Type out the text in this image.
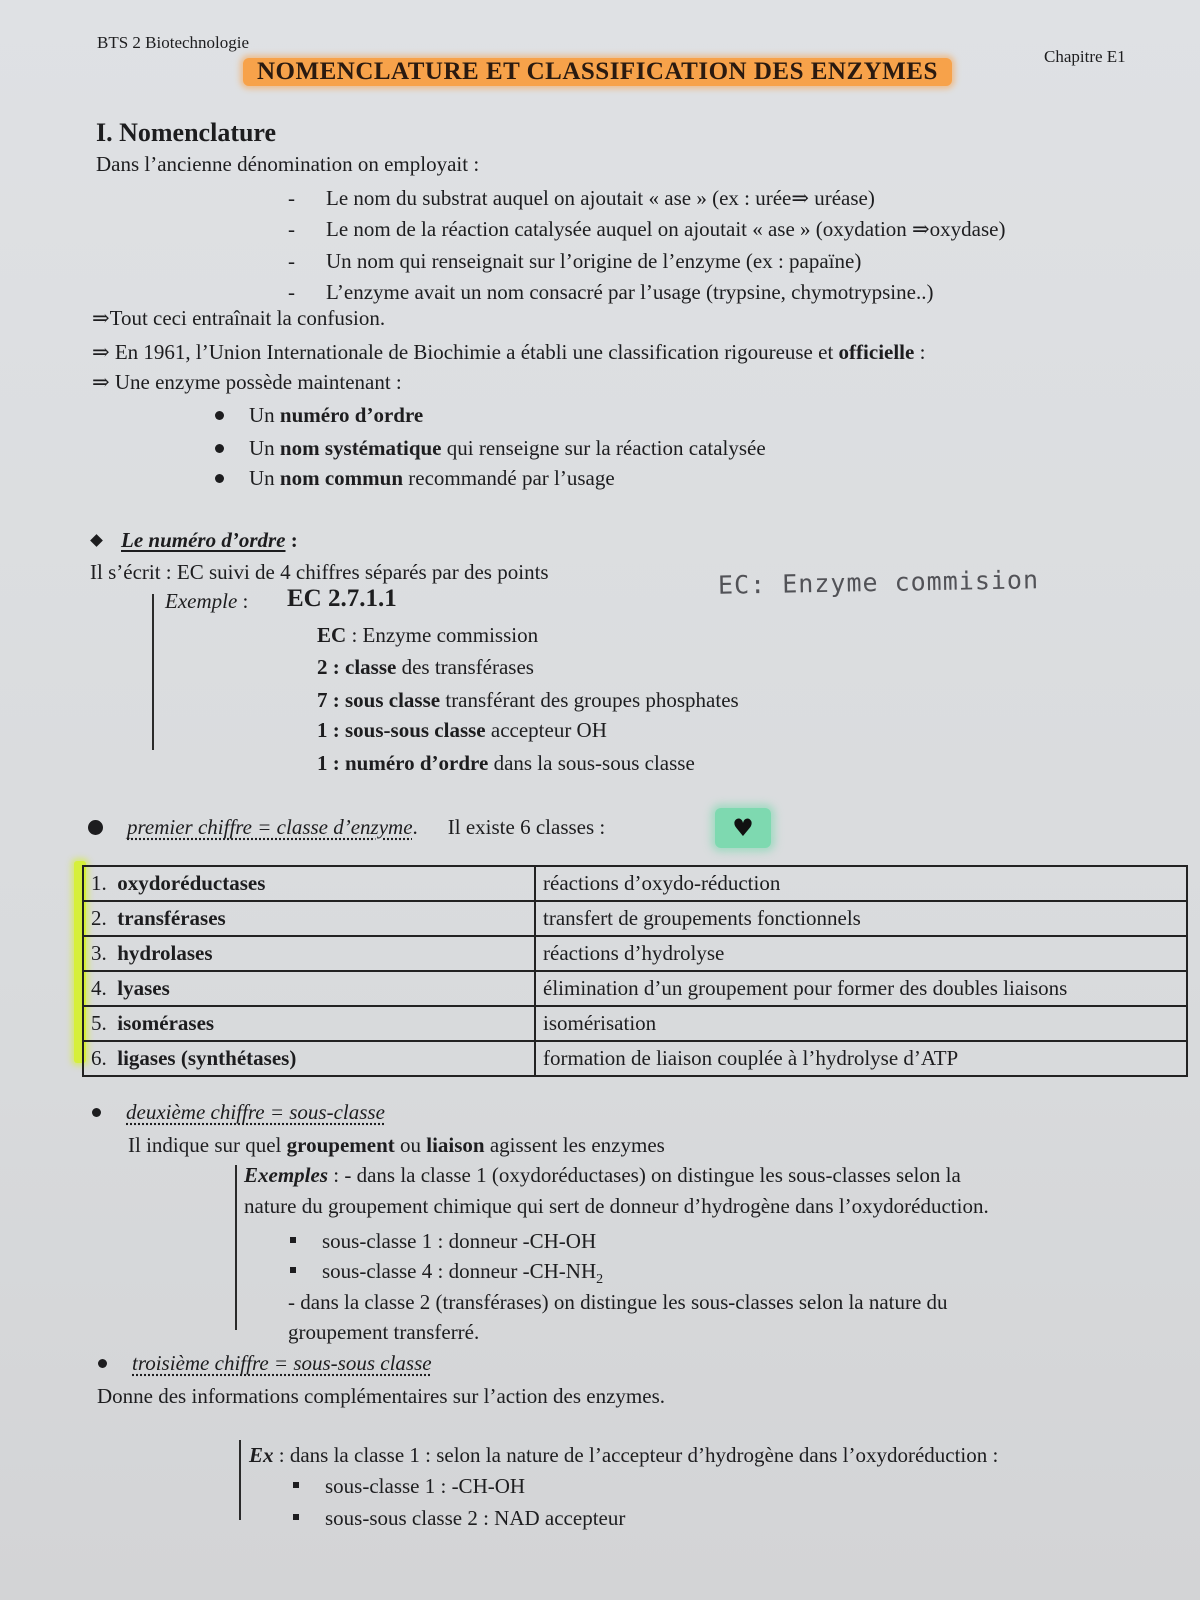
BTS 2 Biotechnologie
Chapitre E1
NOMENCLATURE ET CLASSIFICATION DES ENZYMES
I. Nomenclature
Dans l’ancienne dénomination on employait :
- Le nom du substrat auquel on ajoutait « ase » (ex : urée⇒ uréase)
- Le nom de la réaction catalysée auquel on ajoutait « ase » (oxydation ⇒oxydase)
- Un nom qui renseignait sur l’origine de l’enzyme (ex : papaïne)
- L’enzyme avait un nom consacré par l’usage (trypsine, chymotrypsine..)
⇒Tout ceci entraînait la confusion.
⇒ En 1961, l’Union Internationale de Biochimie a établi une classification rigoureuse et officielle :
⇒ Une enzyme possède maintenant :
Un numéro d’ordre
Un nom systématique qui renseigne sur la réaction catalysée
Un nom commun recommandé par l’usage
Le numéro d’ordre :
Il s’écrit : EC suivi de 4 chiffres séparés par des points	EC: Enzyme commision
Exemple : EC 2.7.1.1
EC : Enzyme commission
2 : classe des transférases
7 : sous classe transférant des groupes phosphates
1 : sous-sous classe accepteur OH
1 : numéro d’ordre dans la sous-sous classe
premier chiffre = classe d’enzyme. Il existe 6 classes :	♥
1. oxydoréductases	réactions d’oxydo-réduction
2. transférases	transfert de groupements fonctionnels
3. hydrolases	réactions d’hydrolyse
4. lyases	élimination d’un groupement pour former des doubles liaisons
5. isomérases	isomérisation
6. ligases (synthétases)	formation de liaison couplée à l’hydrolyse d’ATP
deuxième chiffre = sous-classe
Il indique sur quel groupement ou liaison agissent les enzymes
Exemples : - dans la classe 1 (oxydoréductases) on distingue les sous-classes selon la
nature du groupement chimique qui sert de donneur d’hydrogène dans l’oxydoréduction.
sous-classe 1 : donneur -CH-OH
sous-classe 4 : donneur $-CH-NH_2$
- dans la classe 2 (transférases) on distingue les sous-classes selon la nature du
groupement transferré.
troisième chiffre = sous-sous classe
Donne des informations complémentaires sur l’action des enzymes.
Ex : dans la classe 1 : selon la nature de l’accepteur d’hydrogène dans l’oxydoréduction :
sous-classe 1 : -CH-OH
sous-sous classe 2 : NAD accepteur
